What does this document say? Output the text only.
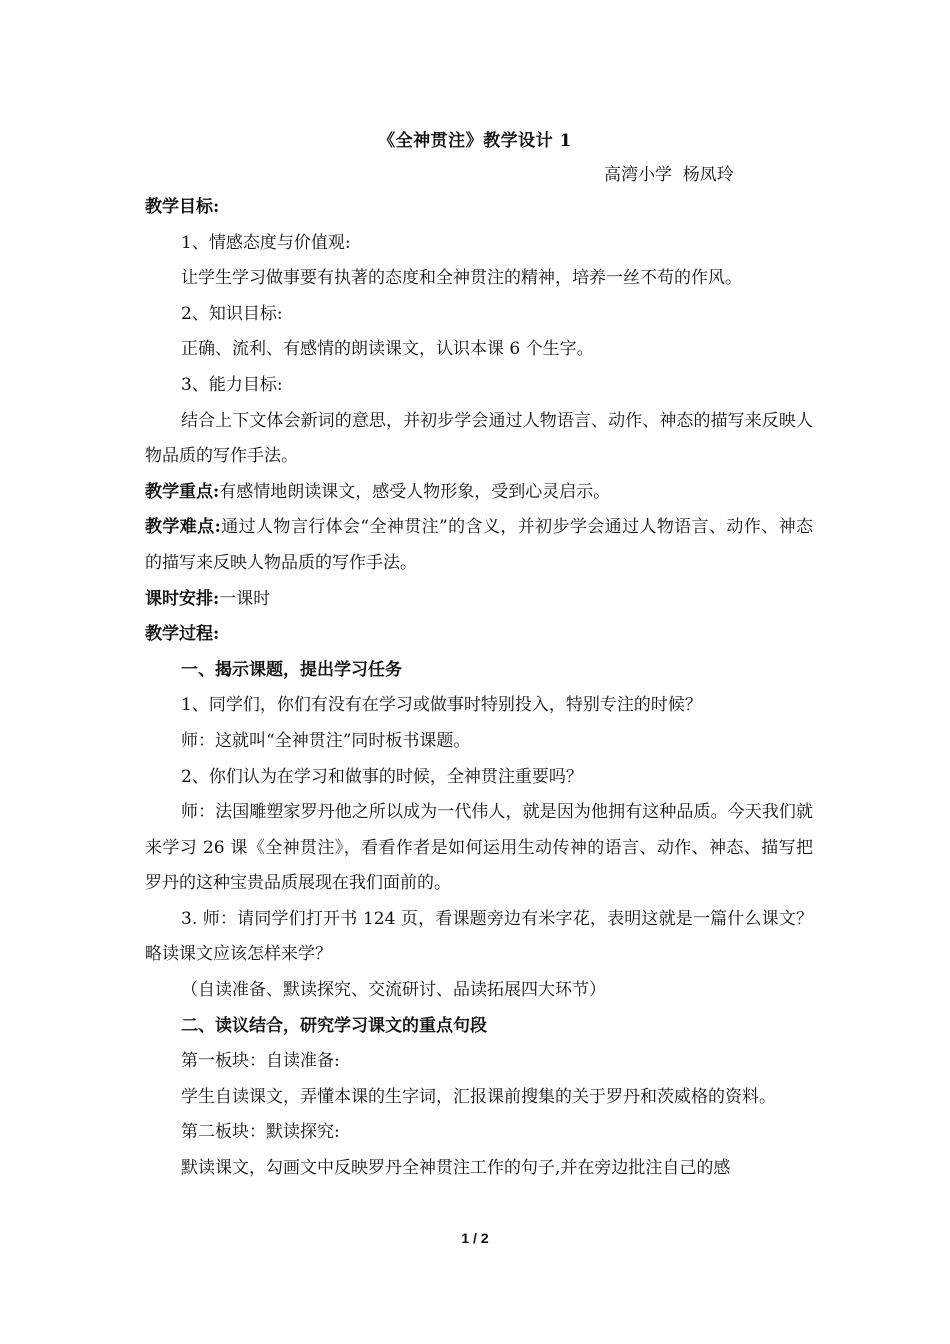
《全神贯注》教学设计 1
高湾小学  杨凤玲

教学目标:

1、情感态度与价值观:

让学生学习做事要有执著的态度和全神贯注的精神，培养一丝不苟的作风。

2、知识目标:

正确、流利、有感情的朗读课文，认识本课 6 个生字。

3、能力目标:

结合上下文体会新词的意思，并初步学会通过人物语言、动作、神态的描写来反映人物品质的写作手法。

教学重点:有感情地朗读课文，感受人物形象，受到心灵启示。

教学难点:通过人物言行体会“全神贯注”的含义，并初步学会通过人物语言、动作、神态的描写来反映人物品质的写作手法。

课时安排:一课时

教学过程:

一、揭示课题，提出学习任务

1、同学们，你们有没有在学习或做事时特别投入，特别专注的时候？

师：这就叫“全神贯注”同时板书课题。

2、你们认为在学习和做事的时候，全神贯注重要吗？

师：法国雕塑家罗丹他之所以成为一代伟人，就是因为他拥有这种品质。今天我们就来学习 26 课《全神贯注》，看看作者是如何运用生动传神的语言、动作、神态、描写把罗丹的这种宝贵品质展现在我们面前的。

3. 师：请同学们打开书 124 页，看课题旁边有米字花，表明这就是一篇什么课文？略读课文应该怎样来学？

（自读准备、默读探究、交流研讨、品读拓展四大环节）

二、读议结合，研究学习课文的重点句段

第一板块：自读准备:

学生自读课文，弄懂本课的生字词，汇报课前搜集的关于罗丹和茨威格的资料。

第二板块：默读探究:

默读课文，勾画文中反映罗丹全神贯注工作的句子,并在旁边批注自己的感

1 / 2
